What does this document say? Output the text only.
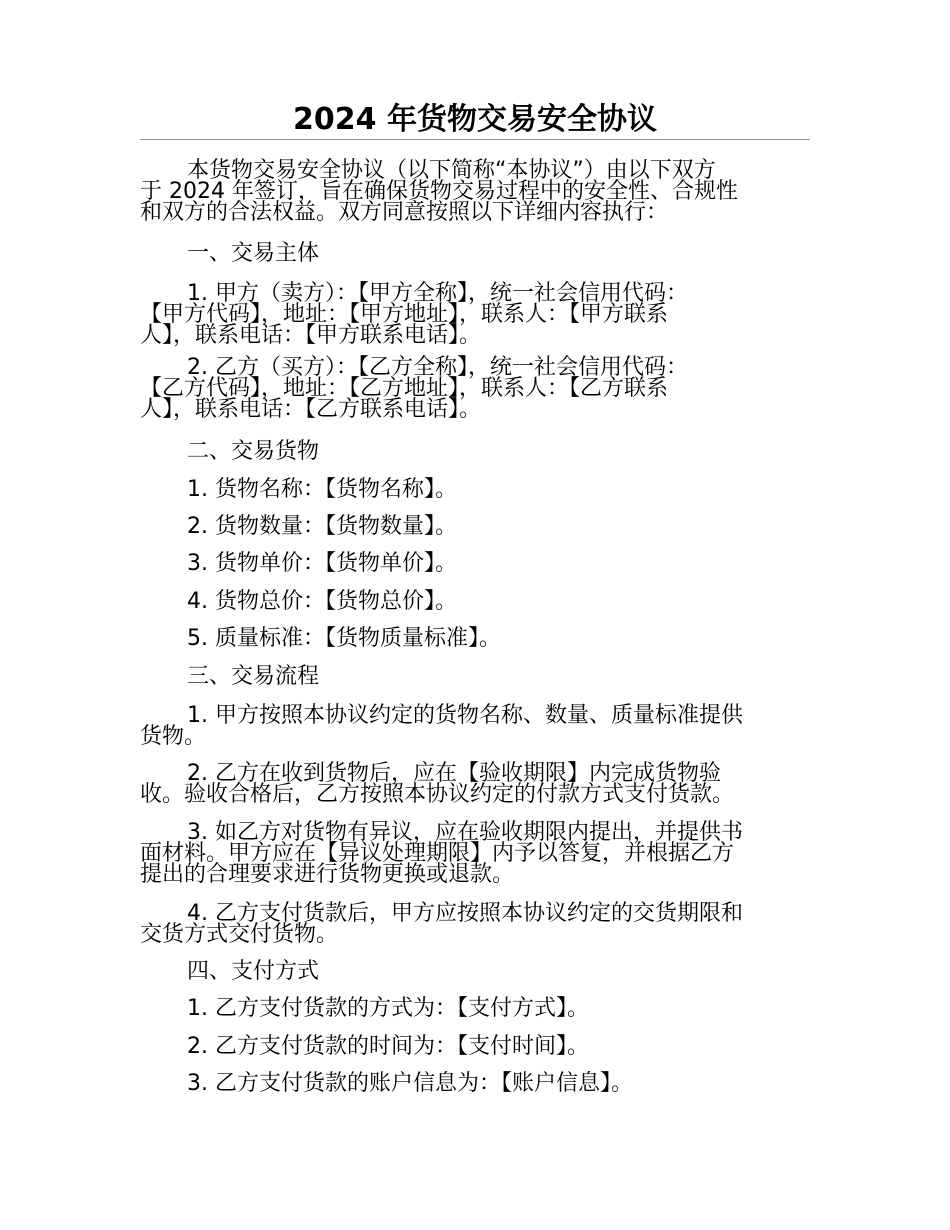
2024 年货物交易安全协议
本货物交易安全协议（以下简称“本协议”）由以下双方
于 2024 年签订，旨在确保货物交易过程中的安全性、合规性
和双方的合法权益。双方同意按照以下详细内容执行：
一、交易主体
1. 甲方（卖方）：【甲方全称】，统一社会信用代码：
【甲方代码】，地址：【甲方地址】，联系人：【甲方联系
人】，联系电话：【甲方联系电话】。
2. 乙方（买方）：【乙方全称】，统一社会信用代码：
【乙方代码】，地址：【乙方地址】，联系人：【乙方联系
人】，联系电话：【乙方联系电话】。
二、交易货物
1. 货物名称：【货物名称】。
2. 货物数量：【货物数量】。
3. 货物单价：【货物单价】。
4. 货物总价：【货物总价】。
5. 质量标准：【货物质量标准】。
三、交易流程
1. 甲方按照本协议约定的货物名称、数量、质量标准提供
货物。
2. 乙方在收到货物后，应在【验收期限】内完成货物验
收。验收合格后，乙方按照本协议约定的付款方式支付货款。
3. 如乙方对货物有异议，应在验收期限内提出，并提供书
面材料。甲方应在【异议处理期限】内予以答复，并根据乙方
提出的合理要求进行货物更换或退款。
4. 乙方支付货款后，甲方应按照本协议约定的交货期限和
交货方式交付货物。
四、支付方式
1. 乙方支付货款的方式为：【支付方式】。
2. 乙方支付货款的时间为：【支付时间】。
3. 乙方支付货款的账户信息为：【账户信息】。
